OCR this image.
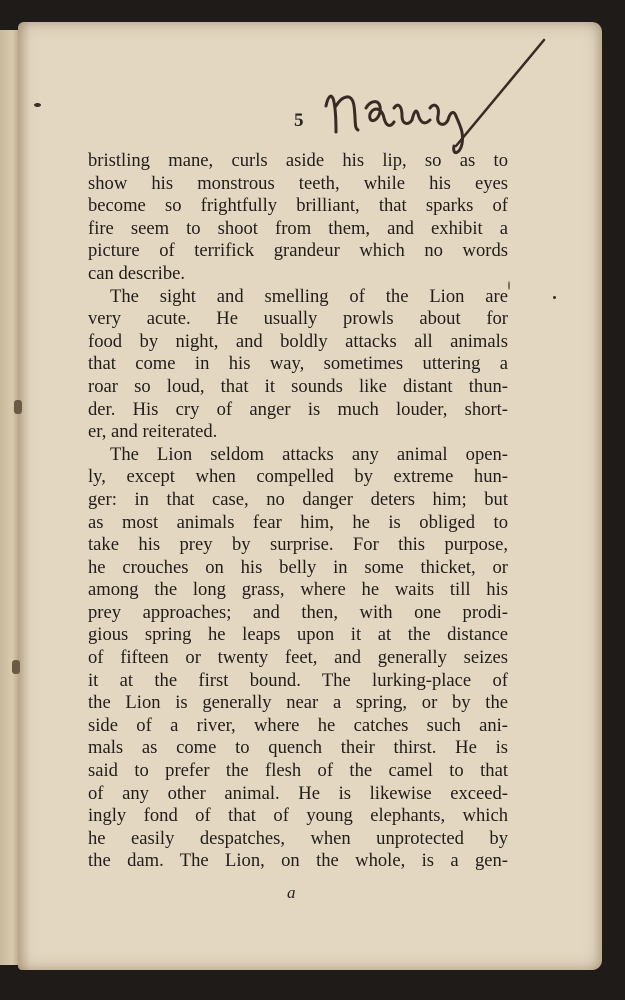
5
bristling mane, curls aside his lip, so as to
show his monstrous teeth, while his eyes
become so frightfully brilliant, that sparks of
fire seem to shoot from them, and exhibit a
picture of terrifick grandeur which no words
can describe.
The sight and smelling of the Lion are
very acute. He usually prowls about for
food by night, and boldly attacks all animals
that come in his way, sometimes uttering a
roar so loud, that it sounds like distant thun-
der. His cry of anger is much louder, short-
er, and reiterated.
The Lion seldom attacks any animal open-
ly, except when compelled by extreme hun-
ger: in that case, no danger deters him; but
as most animals fear him, he is obliged to
take his prey by surprise. For this purpose,
he crouches on his belly in some thicket, or
among the long grass, where he waits till his
prey approaches; and then, with one prodi-
gious spring he leaps upon it at the distance
of fifteen or twenty feet, and generally seizes
it at the first bound. The lurking-place of
the Lion is generally near a spring, or by the
side of a river, where he catches such ani-
mals as come to quench their thirst. He is
said to prefer the flesh of the camel to that
of any other animal. He is likewise exceed-
ingly fond of that of young elephants, which
he easily despatches, when unprotected by
the dam. The Lion, on the whole, is a gen-
a
